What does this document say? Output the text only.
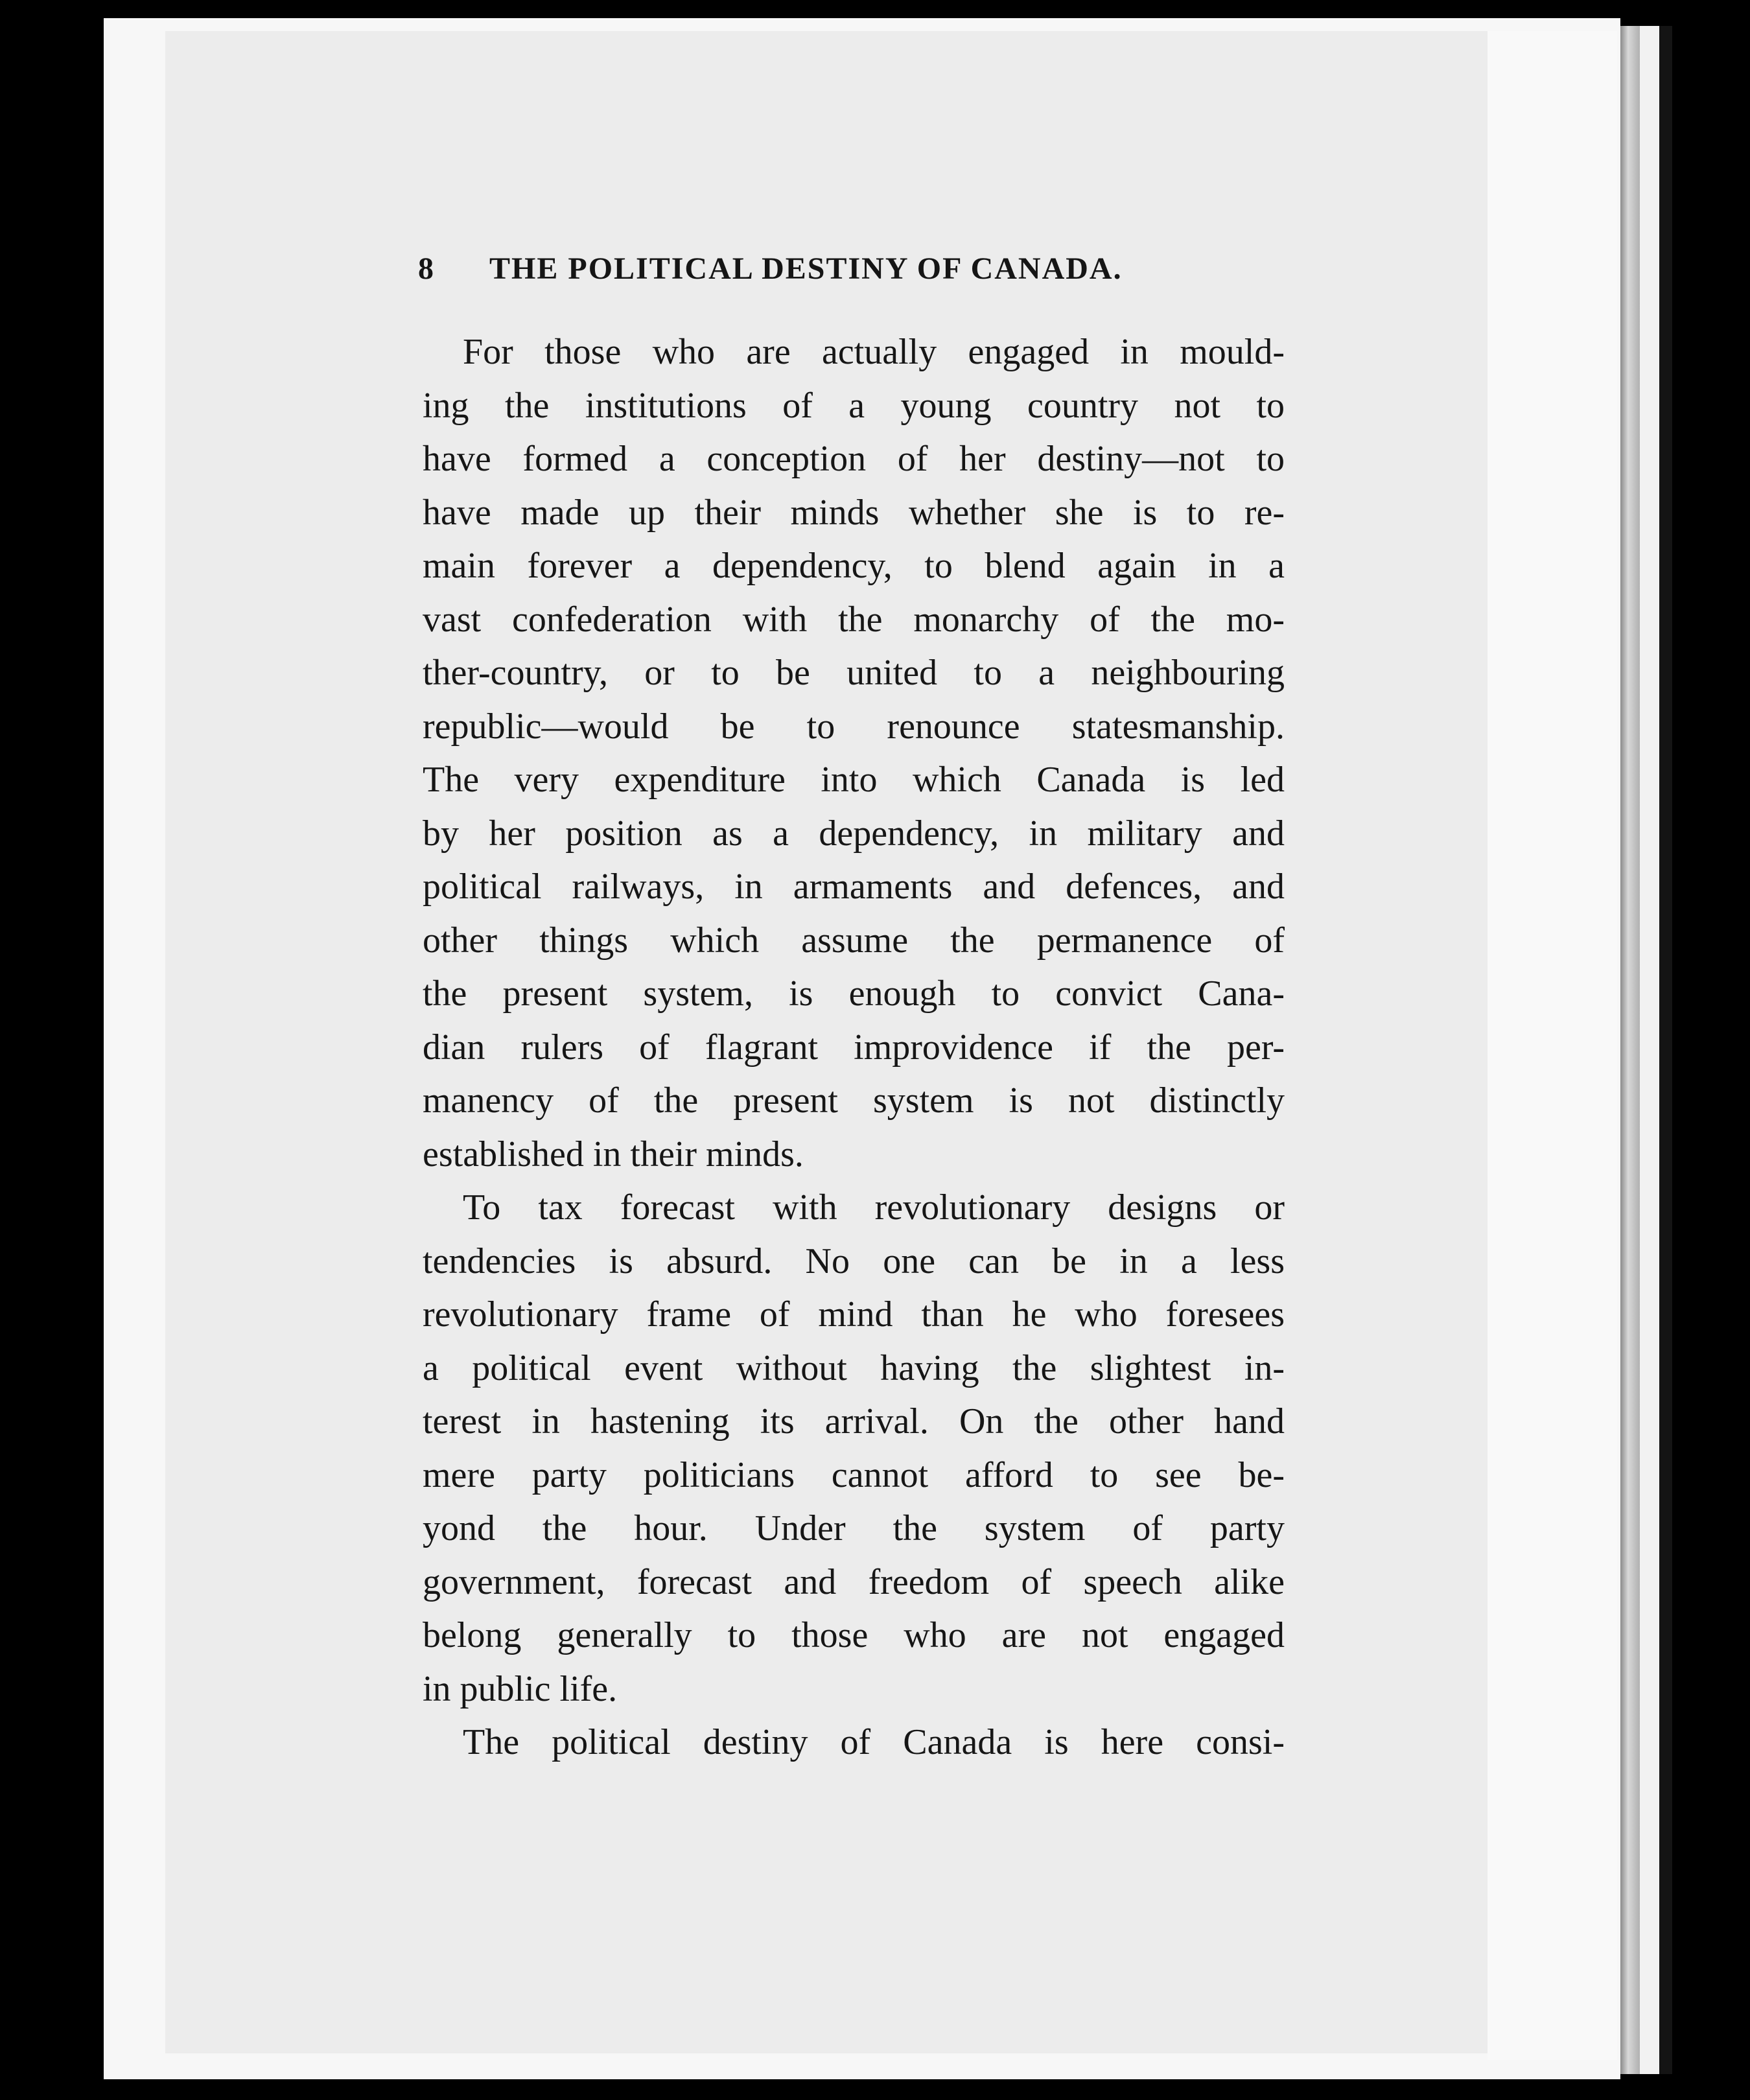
8 THE POLITICAL DESTINY OF CANADA.
For those who are actually engaged in mould-
ing the institutions of a young country not to
have formed a conception of her destiny—not to
have made up their minds whether she is to re-
main forever a dependency, to blend again in a
vast confederation with the monarchy of the mo-
ther-country, or to be united to a neighbouring
republic—would be to renounce statesmanship.
The very expenditure into which Canada is led
by her position as a dependency, in military and
political railways, in armaments and defences, and
other things which assume the permanence of
the present system, is enough to convict Cana-
dian rulers of flagrant improvidence if the per-
manency of the present system is not distinctly
established in their minds.
To tax forecast with revolutionary designs or
tendencies is absurd. No one can be in a less
revolutionary frame of mind than he who foresees
a political event without having the slightest in-
terest in hastening its arrival. On the other hand
mere party politicians cannot afford to see be-
yond the hour. Under the system of party
government, forecast and freedom of speech alike
belong generally to those who are not engaged
in public life.
The political destiny of Canada is here consi-
